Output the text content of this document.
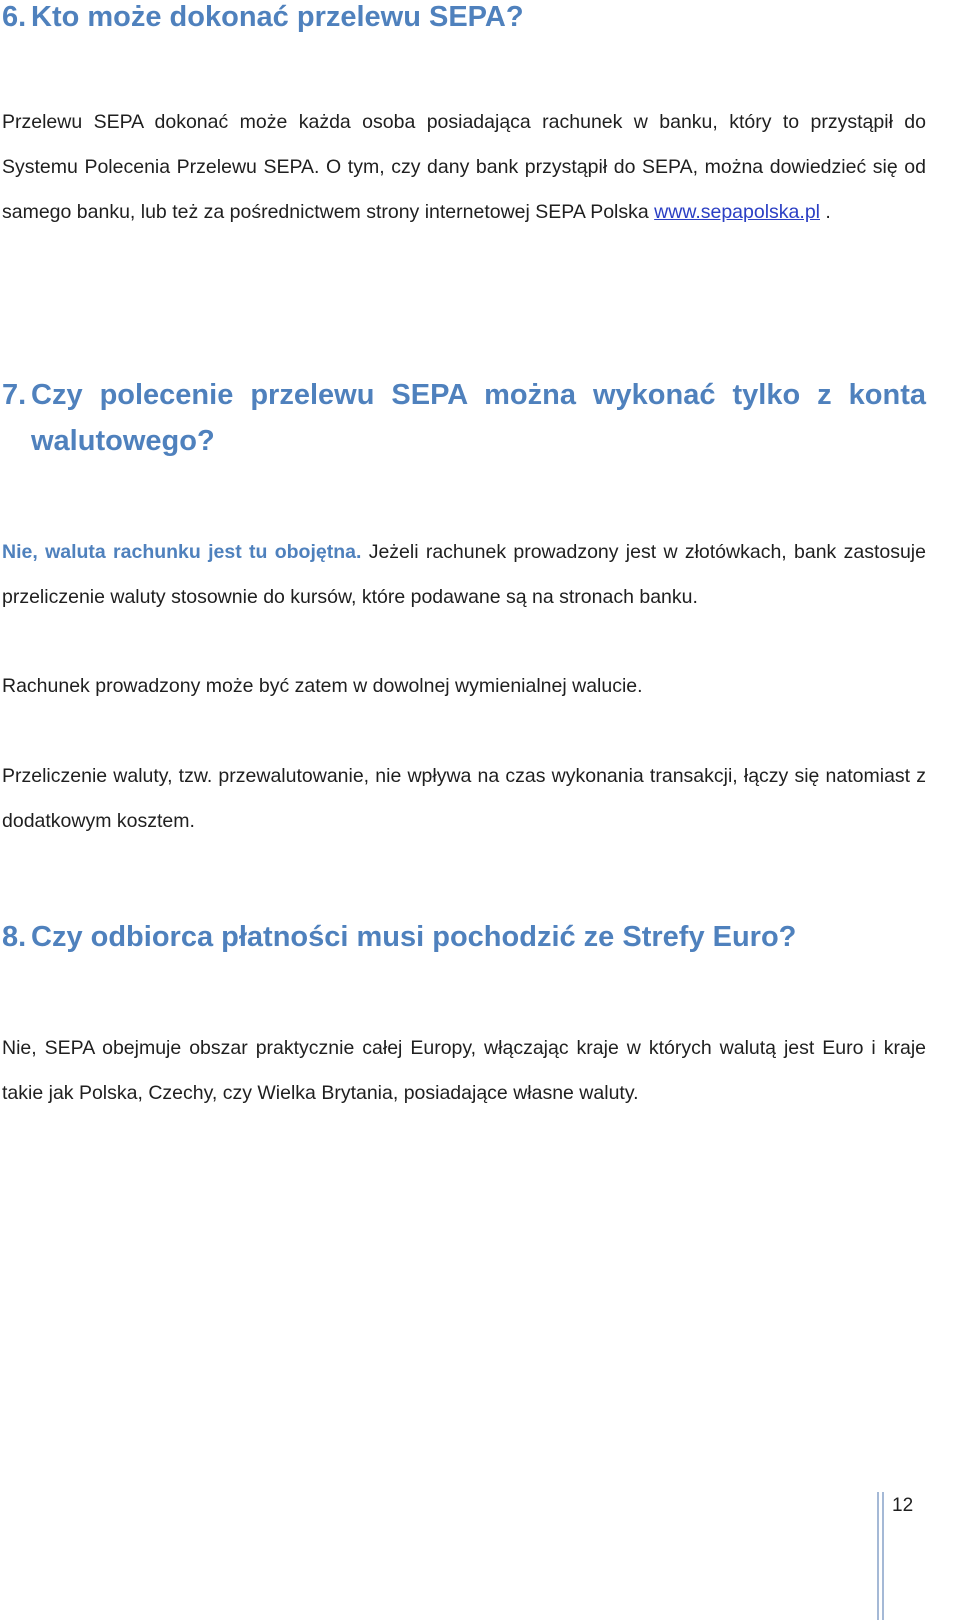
6. Kto może dokonać przelewu SEPA?

Przelewu SEPA dokonać może każda osoba posiadająca rachunek w banku, który to przystąpił do Systemu Polecenia Przelewu SEPA. O tym, czy dany bank przystąpił do SEPA, można dowiedzieć się od samego banku, lub też za pośrednictwem strony internetowej SEPA Polska www.sepapolska.pl .

7. Czy polecenie przelewu SEPA można wykonać tylko z konta walutowego?

Nie, waluta rachunku jest tu obojętna. Jeżeli rachunek prowadzony jest w złotówkach, bank zastosuje przeliczenie waluty stosownie do kursów, które podawane są na stronach banku.

Rachunek prowadzony może być zatem w dowolnej wymienialnej walucie.

Przeliczenie waluty, tzw. przewalutowanie, nie wpływa na czas wykonania transakcji, łączy się natomiast z dodatkowym kosztem.

8. Czy odbiorca płatności musi pochodzić ze Strefy Euro?

Nie, SEPA obejmuje obszar praktycznie całej Europy, włączając kraje w których walutą jest Euro i kraje takie jak Polska, Czechy, czy Wielka Brytania, posiadające własne waluty.

12
